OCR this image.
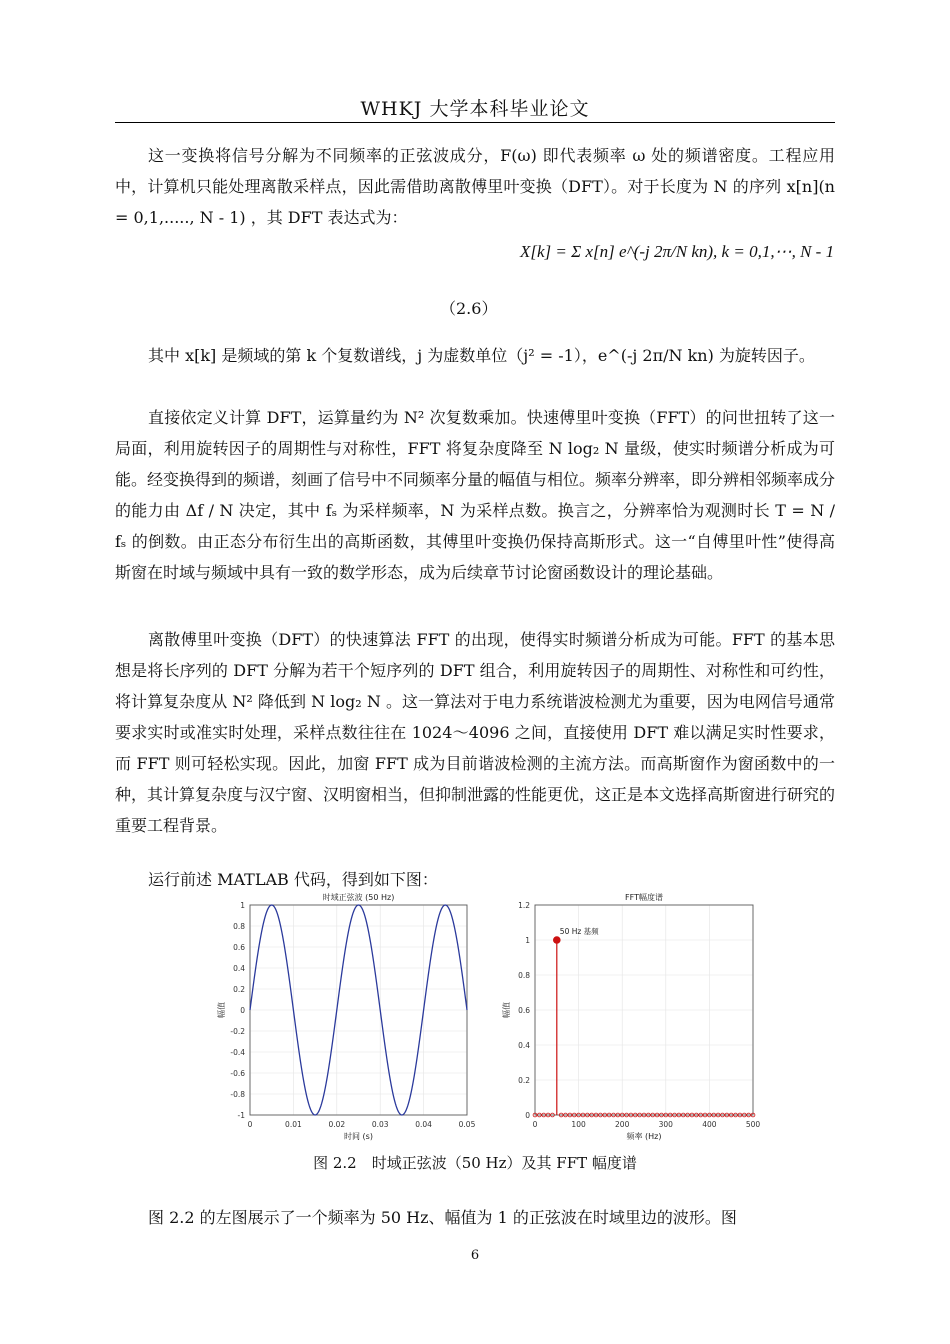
WHKJ 大学本科毕业论文
这一变换将信号分解为不同频率的正弦波成分，F(ω) 即代表频率 ω 处的频谱密度。工程应用中，计算机只能处理离散采样点，因此需借助离散傅里叶变换（DFT）。对于长度为 N 的序列 x[n](n = 0,1,....., N - 1) ，其 DFT 表达式为：
X[k] = Σ x[n] e^(-j 2π/N kn), k = 0,1,⋯, N - 1
（2.6）
其中 x[k] 是频域的第 k 个复数谱线，j 为虚数单位（j² = -1），e^(-j 2π/N kn) 为旋转因子。
直接依定义计算 DFT，运算量约为 N² 次复数乘加。快速傅里叶变换（FFT）的问世扭转了这一局面，利用旋转因子的周期性与对称性，FFT 将复杂度降至 N log₂ N 量级，使实时频谱分析成为可能。经变换得到的频谱，刻画了信号中不同频率分量的幅值与相位。频率分辨率，即分辨相邻频率成分的能力由 Δf / N 决定，其中 fₛ 为采样频率，N 为采样点数。换言之，分辨率恰为观测时长 T = N / fₛ 的倒数。由正态分布衍生出的高斯函数，其傅里叶变换仍保持高斯形式。这一“自傅里叶性”使得高斯窗在时域与频域中具有一致的数学形态，成为后续章节讨论窗函数设计的理论基础。
离散傅里叶变换（DFT）的快速算法 FFT 的出现，使得实时频谱分析成为可能。FFT 的基本思想是将长序列的 DFT 分解为若干个短序列的 DFT 组合，利用旋转因子的周期性、对称性和可约性，将计算复杂度从 N² 降低到 N log₂ N 。这一算法对于电力系统谐波检测尤为重要，因为电网信号通常要求实时或准实时处理，采样点数往往在 1024～4096 之间，直接使用 DFT 难以满足实时性要求，而 FFT 则可轻松实现。因此，加窗 FFT 成为目前谐波检测的主流方法。而高斯窗作为窗函数中的一种，其计算复杂度与汉宁窗、汉明窗相当，但抑制泄露的性能更优，这正是本文选择高斯窗进行研究的重要工程背景。
运行前述 MATLAB 代码，得到如下图：
0	0.01	0.02	0.03	0.04	0.05
-1
-0.8
-0.6
-0.4
-0.2
0
0.2
0.4
0.6
0.8
1
时域正弦波 (50 Hz)
时间 (s)
幅值
0	100	200	300	400	500
0
0.2
0.4
0.6
0.8
1
1.2
FFT幅度谱
频率 (Hz)
幅值
50 Hz 基频
图 2.2　时域正弦波（50 Hz）及其 FFT 幅度谱
图 2.2 的左图展示了一个频率为 50 Hz、幅值为 1 的正弦波在时域里边的波形。图
6
